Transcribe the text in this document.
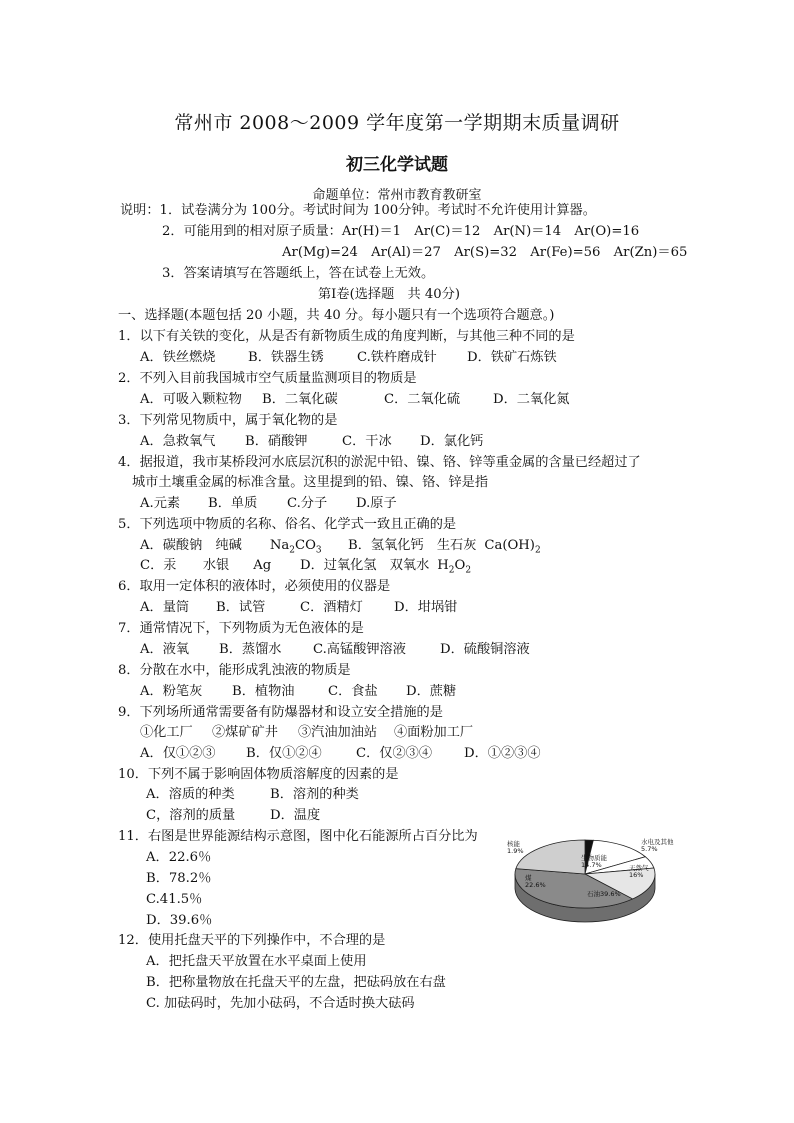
常州市 2008～2009 学年度第一学期期末质量调研
初三化学试题
命题单位：常州市教育教研室
说明：1．试卷满分为 100分。考试时间为 100分钟。考试时不允许使用计算器。
2．可能用到的相对原子质量：Ar(H)＝1　Ar(C)＝12　Ar(N)＝14　Ar(O)=16
Ar(Mg)=24　Ar(Al)＝27　Ar(S)=32　Ar(Fe)=56　Ar(Zn)＝65
3．答案请填写在答题纸上，答在试卷上无效。
第Ⅰ卷(选择题　共 40分)
一、选择题(本题包括 20 小题，共 40 分。每小题只有一个选项符合题意。)
1．以下有关铁的变化，从是否有新物质生成的角度判断，与其他三种不同的是
A．铁丝燃烧 B．铁器生锈	C.铁杵磨成针 D．铁矿石炼铁
2．不列入目前我国城市空气质量监测项目的物质是
A．可吸入颗粒物 B．二氧化碳	C．二氧化硫 D．二氧化氮
3．下列常见物质中，属于氧化物的是
A．急救氧气 B．硝酸钾	C．干冰 D．氯化钙
4．据报道，我市某桥段河水底层沉积的淤泥中铅、镍、铬、锌等重金属的含量已经超过了
城市土壤重金属的标准含量。这里提到的铅、镍、铬、锌是指
A.元素 B．单质 C.分子 D.原子
5．下列选项中物质的名称、俗名、化学式一致且正确的是
A．碳酸钠　纯碱 $Na_2CO_3$ B．氢氧化钙　生石灰 $Ca(OH)_2$
C．汞　　水银 Ag D．过氧化氢　双氧水 $H_2O_2$
6．取用一定体积的液体时，必须使用的仪器是
A．量筒 B．试管	C．酒精灯 D．坩埚钳
7．通常情况下，下列物质为无色液体的是
A．液氧 B．蒸馏水 C.高锰酸钾溶液	D．硫酸铜溶液
8．分散在水中，能形成乳浊液的物质是
A．粉笔灰 B．植物油	C．食盐 D．蔗糖
9．下列场所通常需要备有防爆器材和设立安全措施的是
①化工厂 ②煤矿矿井 ③汽油加油站 ④面粉加工厂
A．仅①②③ B．仅①②④	C．仅②③④ D．①②③④
10．下列不属于影响固体物质溶解度的因素的是
A．溶质的种类	B．溶剂的种类
C，溶剂的质量	D．温度
11．右图是世界能源结构示意图，图中化石能源所占百分比为
A．22.6％
B．78.2％
C.41.5％
D．39.6％
核能 1.9%
生物质能 14.7%
水电及其他 5.7%
天然气 16%
石油39.6%
煤 22.6%
12．使用托盘天平的下列操作中，不合理的是
A．把托盘天平放置在水平桌面上使用
B．把称量物放在托盘天平的左盘，把砝码放在右盘
C. 加砝码时，先加小砝码，不合适时换大砝码
